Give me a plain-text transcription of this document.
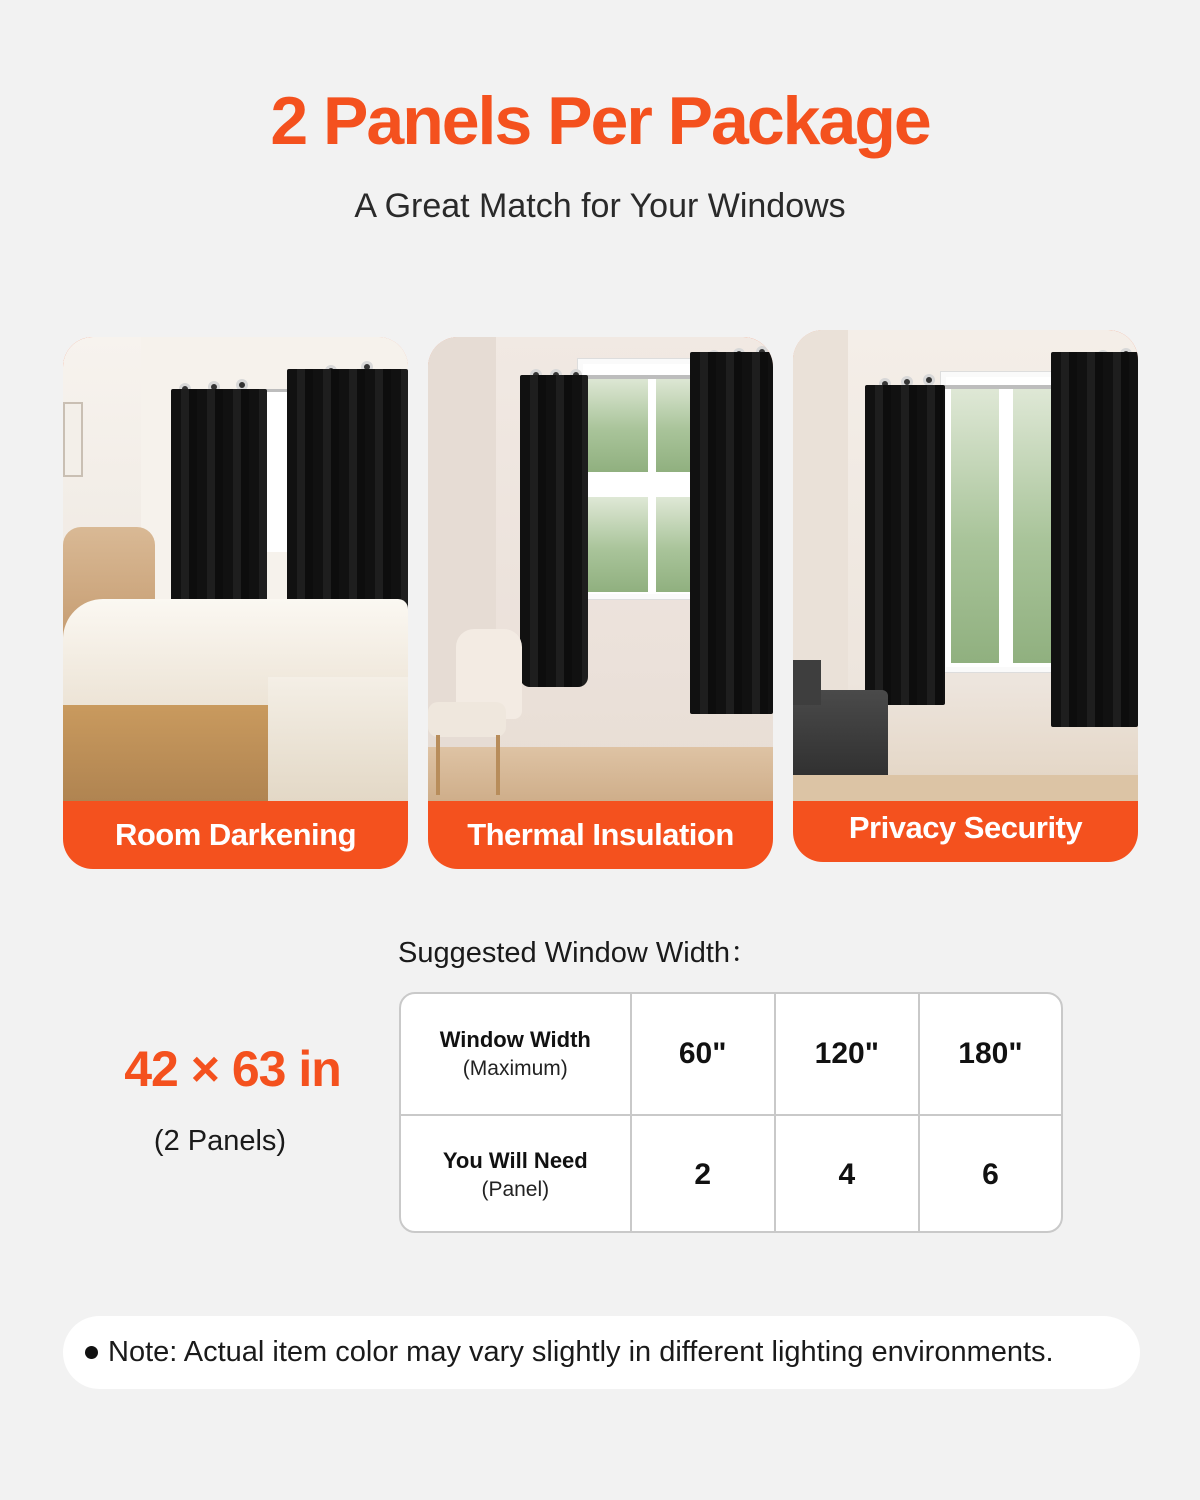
2 Panels Per Package
A Great Match for Your Windows
Room Darkening	Thermal Insulation	Privacy Security
Suggested Window Width：
42 × 63 in
(2 Panels)
Window Width
(Maximum)	60"	120"	180"
You Will Need
(Panel)	2	4	6
Note: Actual item color may vary slightly in different lighting environments.
